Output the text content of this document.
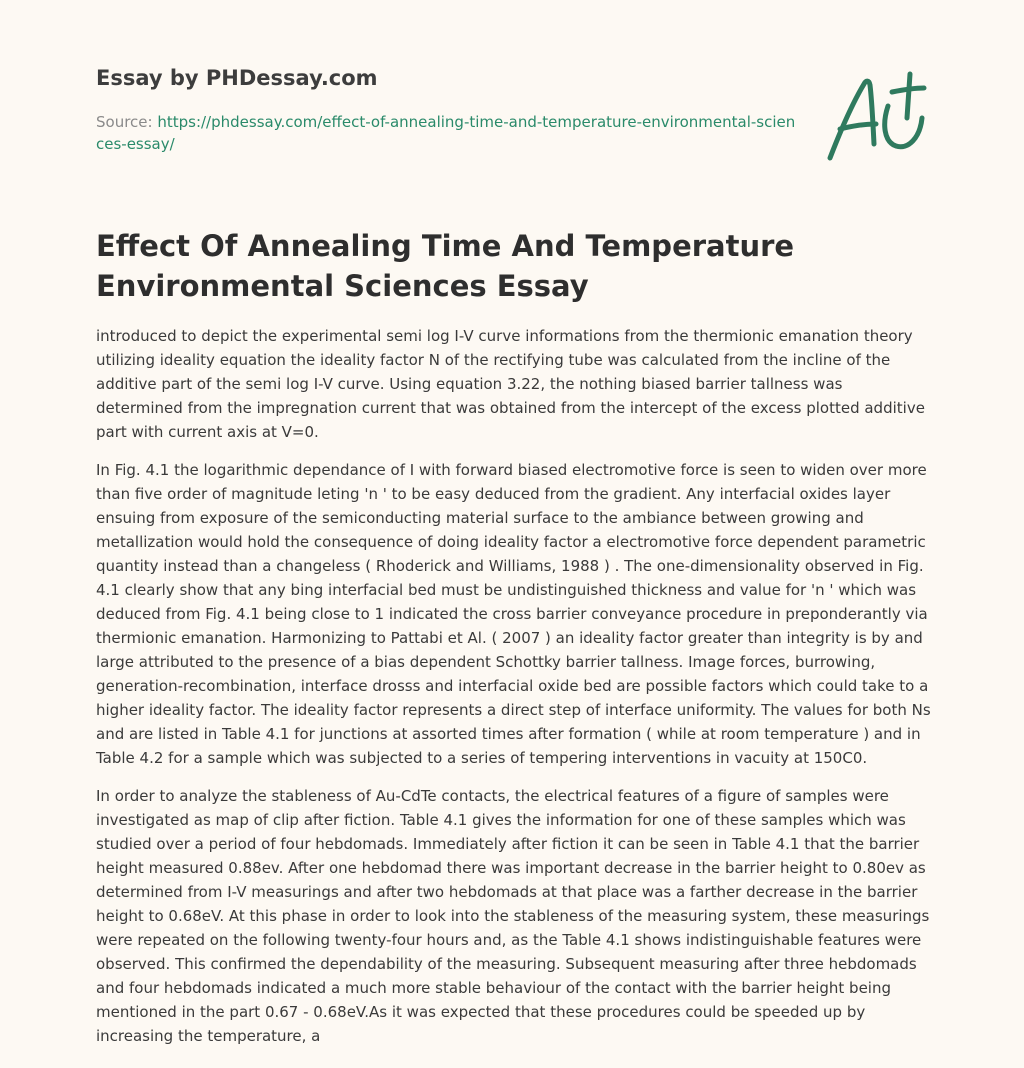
Essay by PHDessay.com
Source: https://phdessay.com/effect-of-annealing-time-and-temperature-environmental-sciences-essay/
Effect Of Annealing Time And Temperature Environmental Sciences Essay

introduced to depict the experimental semi log I-V curve informations from the thermionic emanation theory utilizing ideality equation the ideality factor N of the rectifying tube was calculated from the incline of the additive part of the semi log I-V curve. Using equation 3.22, the nothing biased barrier tallness was determined from the impregnation current that was obtained from the intercept of the excess plotted additive part with current axis at V=0.

In Fig. 4.1 the logarithmic dependance of I with forward biased electromotive force is seen to widen over more than five order of magnitude leting 'n ' to be easy deduced from the gradient. Any interfacial oxides layer ensuing from exposure of the semiconducting material surface to the ambiance between growing and metallization would hold the consequence of doing ideality factor a electromotive force dependent parametric quantity instead than a changeless ( Rhoderick and Williams, 1988 ) . The one-dimensionality observed in Fig. 4.1 clearly show that any bing interfacial bed must be undistinguished thickness and value for 'n ' which was deduced from Fig. 4.1 being close to 1 indicated the cross barrier conveyance procedure in preponderantly via thermionic emanation. Harmonizing to Pattabi et Al. ( 2007 ) an ideality factor greater than integrity is by and large attributed to the presence of a bias dependent Schottky barrier tallness. Image forces, burrowing, generation-recombination, interface drosss and interfacial oxide bed are possible factors which could take to a higher ideality factor. The ideality factor represents a direct step of interface uniformity. The values for both Ns and are listed in Table 4.1 for junctions at assorted times after formation ( while at room temperature ) and in Table 4.2 for a sample which was subjected to a series of tempering interventions in vacuity at 150C0.

In order to analyze the stableness of Au-CdTe contacts, the electrical features of a figure of samples were investigated as map of clip after fiction. Table 4.1 gives the information for one of these samples which was studied over a period of four hebdomads. Immediately after fiction it can be seen in Table 4.1 that the barrier height measured 0.88ev. After one hebdomad there was important decrease in the barrier height to 0.80ev as determined from I-V measurings and after two hebdomads at that place was a farther decrease in the barrier height to 0.68eV. At this phase in order to look into the stableness of the measuring system, these measurings were repeated on the following twenty-four hours and, as the Table 4.1 shows indistinguishable features were observed. This confirmed the dependability of the measuring. Subsequent measuring after three hebdomads and four hebdomads indicated a much more stable behaviour of the contact with the barrier height being mentioned in the part 0.67 - 0.68eV.As it was expected that these procedures could be speeded up by increasing the temperature, a
